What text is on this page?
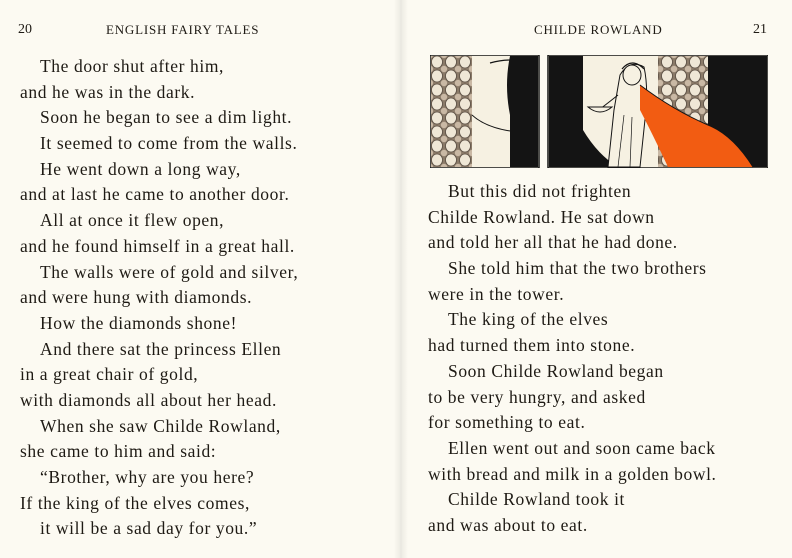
20	ENGLISH FAIRY TALES
The door shut after him,
and he was in the dark.
Soon he began to see a dim light.
It seemed to come from the walls.
He went down a long way,
and at last he came to another door.
All at once it flew open,
and he found himself in a great hall.
The walls were of gold and silver,
and were hung with diamonds.
How the diamonds shone!
And there sat the princess Ellen
in a great chair of gold,
with diamonds all about her head.
When she saw Childe Rowland,
she came to him and said:
“Brother, why are you here?
If the king of the elves comes,
it will be a sad day for you.”
CHILDE ROWLAND	21
But this did not frighten
Childe Rowland. He sat down
and told her all that he had done.
She told him that the two brothers
were in the tower.
The king of the elves
had turned them into stone.
Soon Childe Rowland began
to be very hungry, and asked
for something to eat.
Ellen went out and soon came back
with bread and milk in a golden bowl.
Childe Rowland took it
and was about to eat.
